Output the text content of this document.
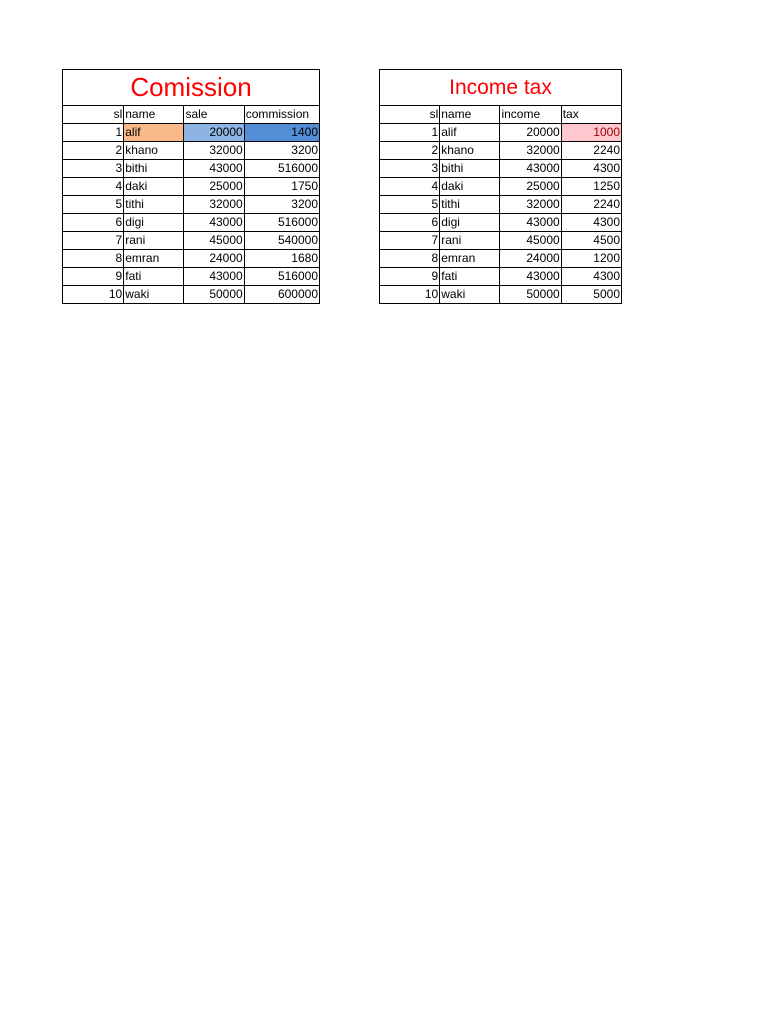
Comission			
sl	name	sale	commission
1	alif	20000	1400
2	khano	32000	3200
3	bithi	43000	516000
4	daki	25000	1750
5	tithi	32000	3200
6	digi	43000	516000
7	rani	45000	540000
8	emran	24000	1680
9	fati	43000	516000
10	waki	50000	600000
Income tax			
sl	name	income	tax
1	alif	20000	1000
2	khano	32000	2240
3	bithi	43000	4300
4	daki	25000	1250
5	tithi	32000	2240
6	digi	43000	4300
7	rani	45000	4500
8	emran	24000	1200
9	fati	43000	4300
10	waki	50000	5000
